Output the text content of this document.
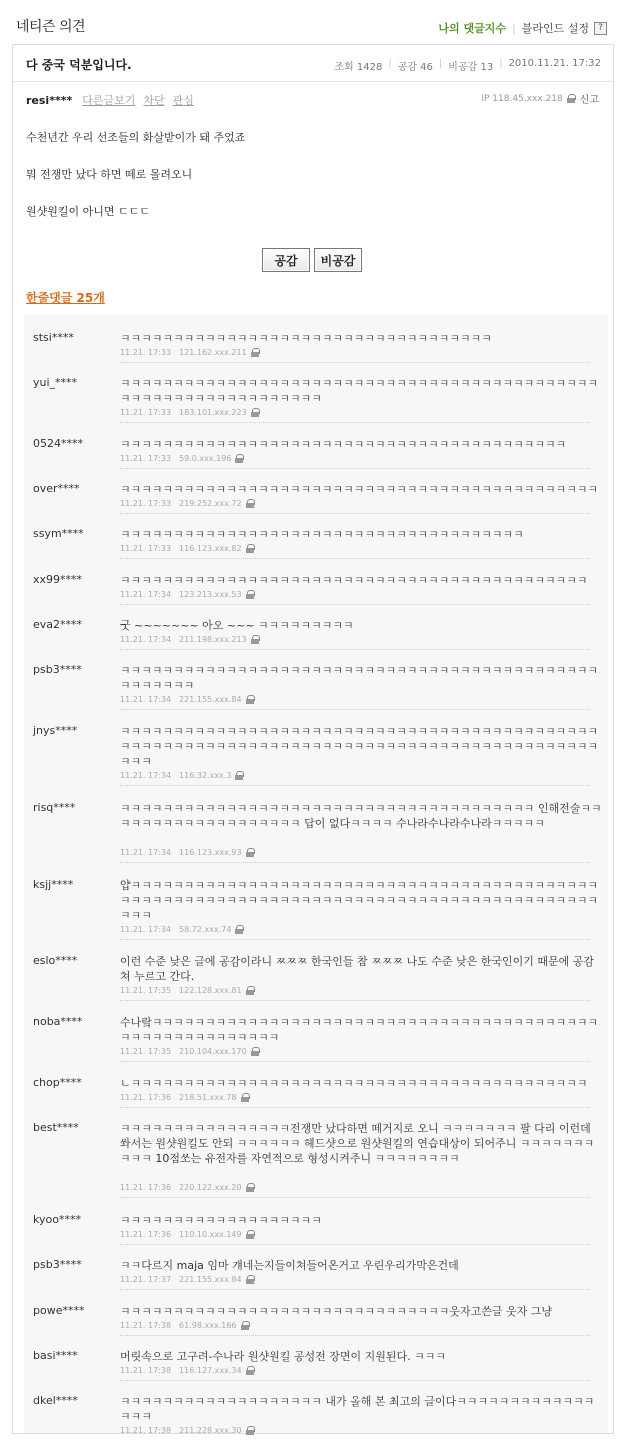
네티즌 의견	나의 댓글지수 | 블라인드 설정	?
다 중국 덕분입니다.	조회 1428 | 공감 46 | 비공감 13 | 2010.11.21. 17:32
resi**** 다른글보기 차단 관심	IP 118.45.xxx.218 신고
수천년간 우리 선조들의 화살받이가 돼 주었죠
뭐 전쟁만 났다 하면 떼로 몰려오니
원샷원킬이 아니면 ㄷㄷㄷ
공감	비공감
한줄댓글 25개
stsi****	ㅋㅋㅋㅋㅋㅋㅋㅋㅋㅋㅋㅋㅋㅋㅋㅋㅋㅋㅋㅋㅋㅋㅋㅋㅋㅋㅋㅋㅋㅋㅋㅋㅋㅋㅋ
11.21. 17:33 121.162.xxx.211
yui_****	ㅋㅋㅋㅋㅋㅋㅋㅋㅋㅋㅋㅋㅋㅋㅋㅋㅋㅋㅋㅋㅋㅋㅋㅋㅋㅋㅋㅋㅋㅋㅋㅋㅋㅋㅋㅋㅋㅋㅋㅋㅋㅋㅋㅋㅋㅋㅋㅋㅋㅋㅋㅋㅋㅋㅋㅋㅋㅋㅋㅋㅋㅋㅋㅋ
11.21. 17:33 183.101.xxx.223
0524****	ㅋㅋㅋㅋㅋㅋㅋㅋㅋㅋㅋㅋㅋㅋㅋㅋㅋㅋㅋㅋㅋㅋㅋㅋㅋㅋㅋㅋㅋㅋㅋㅋㅋㅋㅋㅋㅋㅋㅋㅋㅋㅋ
11.21. 17:33 59.0.xxx.196
over****	ㅋㅋㅋㅋㅋㅋㅋㅋㅋㅋㅋㅋㅋㅋㅋㅋㅋㅋㅋㅋㅋㅋㅋㅋㅋㅋㅋㅋㅋㅋㅋㅋㅋㅋㅋㅋㅋㅋㅋㅋㅋㅋㅋㅋㅋ
11.21. 17:33 219.252.xxx.72
ssym****	ㅋㅋㅋㅋㅋㅋㅋㅋㅋㅋㅋㅋㅋㅋㅋㅋㅋㅋㅋㅋㅋㅋㅋㅋㅋㅋㅋㅋㅋㅋㅋㅋㅋㅋㅋㅋㅋㅋ
11.21. 17:33 116.123.xxx.82
xx99****	ㅋㅋㅋㅋㅋㅋㅋㅋㅋㅋㅋㅋㅋㅋㅋㅋㅋㅋㅋㅋㅋㅋㅋㅋㅋㅋㅋㅋㅋㅋㅋㅋㅋㅋㅋㅋㅋㅋㅋㅋㅋㅋㅋㅋ
11.21. 17:34 123.213.xxx.53
eva2****	굿 ~~~~~~~ 아오 ~~~ ㅋㅋㅋㅋㅋㅋㅋㅋㅋ
11.21. 17:34 211.198.xxx.213
psb3****	ㅋㅋㅋㅋㅋㅋㅋㅋㅋㅋㅋㅋㅋㅋㅋㅋㅋㅋㅋㅋㅋㅋㅋㅋㅋㅋㅋㅋㅋㅋㅋㅋㅋㅋㅋㅋㅋㅋㅋㅋㅋㅋㅋㅋㅋㅋㅋㅋㅋㅋㅋㅋ
11.21. 17:34 221.155.xxx.84
jnys****	ㅋㅋㅋㅋㅋㅋㅋㅋㅋㅋㅋㅋㅋㅋㅋㅋㅋㅋㅋㅋㅋㅋㅋㅋㅋㅋㅋㅋㅋㅋㅋㅋㅋㅋㅋㅋㅋㅋㅋㅋㅋㅋㅋㅋㅋㅋㅋㅋㅋㅋㅋㅋㅋㅋㅋㅋㅋㅋㅋㅋㅋㅋㅋㅋㅋㅋㅋㅋㅋㅋㅋㅋㅋㅋㅋㅋㅋㅋㅋㅋㅋㅋㅋㅋㅋㅋㅋㅋㅋㅋㅋㅋㅋ
11.21. 17:34 116.32.xxx.3
risq****	ㅋㅋㅋㅋㅋㅋㅋㅋㅋㅋㅋㅋㅋㅋㅋㅋㅋㅋㅋㅋㅋㅋㅋㅋㅋㅋㅋㅋㅋㅋㅋㅋㅋㅋㅋㅋㅋㅋㅋ 인해전술ㅋㅋㅋㅋㅋㅋㅋㅋㅋㅋㅋㅋㅋㅋㅋㅋㅋㅋㅋ 답이 없다ㅋㅋㅋㅋ 수나라수나라수나라ㅋㅋㅋㅋㅋ
11.21. 17:34 116.123.xxx.93
ksjj****	얍ㅋㅋㅋㅋㅋㅋㅋㅋㅋㅋㅋㅋㅋㅋㅋㅋㅋㅋㅋㅋㅋㅋㅋㅋㅋㅋㅋㅋㅋㅋㅋㅋㅋㅋㅋㅋㅋㅋㅋㅋㅋㅋㅋㅋㅋㅋㅋㅋㅋㅋㅋㅋㅋㅋㅋㅋㅋㅋㅋㅋㅋㅋㅋㅋㅋㅋㅋㅋㅋㅋㅋㅋㅋㅋㅋㅋㅋㅋㅋㅋㅋㅋㅋㅋㅋㅋㅋㅋㅋㅋㅋㅋ
11.21. 17:34 58.72.xxx.74
eslo****	이런 수준 낮은 글에 공감이라니 ㅉㅉㅉ 한국인들 참 ㅉㅉㅉ 나도 수준 낮은 한국인이기 때문에 공감 쳐 누르고 간다.
11.21. 17:35 122.128.xxx.81
noba****	수나랔ㅋㅋㅋㅋㅋㅋㅋㅋㅋㅋㅋㅋㅋㅋㅋㅋㅋㅋㅋㅋㅋㅋㅋㅋㅋㅋㅋㅋㅋㅋㅋㅋㅋㅋㅋㅋㅋㅋㅋㅋㅋㅋㅋㅋㅋㅋㅋㅋㅋㅋㅋㅋㅋㅋㅋㅋㅋ
11.21. 17:35 210.104.xxx.170
chop****	ㄴㅋㅋㅋㅋㅋㅋㅋㅋㅋㅋㅋㅋㅋㅋㅋㅋㅋㅋㅋㅋㅋㅋㅋㅋㅋㅋㅋㅋㅋㅋㅋㅋㅋㅋㅋㅋㅋㅋㅋㅋㅋㅋㅋ
11.21. 17:36 218.51.xxx.78
best****	ㅋㅋㅋㅋㅋㅋㅋㅋㅋㅋㅋㅋㅋㅋㅋㅋ전쟁만 났다하면 떼거지로 오니 ㅋㅋㅋㅋㅋㅋㅋ 팔 다리 이런데 쏴서는 원샷원킬도 안되 ㅋㅋㅋㅋㅋㅋ 헤드샷으로 원샷원킬의 연습대상이 되어주니 ㅋㅋㅋㅋㅋㅋㅋㅋㅋㅋ 10점쏘는 유전자를 자연적으로 형성시켜주니 ㅋㅋㅋㅋㅋㅋㅋㅋ
11.21. 17:36 220.122.xxx.20
kyoo****	ㅋㅋㅋㅋㅋㅋㅋㅋㅋㅋㅋㅋㅋㅋㅋㅋㅋㅋㅋ
11.21. 17:36 110.10.xxx.149
psb3****	ㅋㅋ다르지 maja 임마 걔네는지들이쳐들어온거고 우린우리가막은건데
11.21. 17:37 221.155.xxx.84
powe****	ㅋㅋㅋㅋㅋㅋㅋㅋㅋㅋㅋㅋㅋㅋㅋㅋㅋㅋㅋㅋㅋㅋㅋㅋㅋㅋㅋㅋㅋㅋㅋ웃자고쓴글 웃자 그냥
11.21. 17:38 61.98.xxx.166
basi****	머릿속으로 고구려-수나라 원샷원킬 공성전 장면이 지원된다. ㅋㅋㅋ
11.21. 17:38 116.127.xxx.34
dkel****	ㅋㅋㅋㅋㅋㅋㅋㅋㅋㅋㅋㅋㅋㅋㅋㅋㅋㅋㅋ 내가 올해 본 최고의 글이다ㅋㅋㅋㅋㅋㅋㅋㅋㅋㅋㅋㅋㅋㅋㅋㅋ
11.21. 17:38 211.228.xxx.30
